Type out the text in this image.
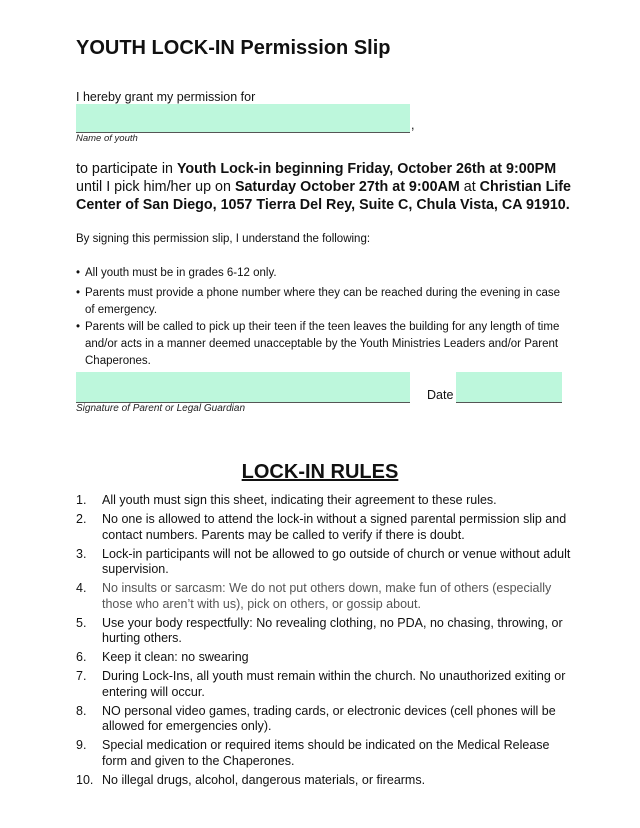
YOUTH LOCK-IN Permission Slip
I hereby grant my permission for
,
Name of youth
to participate in Youth Lock-in beginning Friday, October 26th at 9:00PM until I pick him/her up on Saturday October 27th at 9:00AM at Christian Life Center of San Diego, 1057 Tierra Del Rey, Suite C, Chula Vista, CA 91910.
By signing this permission slip, I understand the following:
• All youth must be in grades 6-12 only.
• Parents must provide a phone number where they can be reached during the evening in case of emergency.
• Parents will be called to pick up their teen if the teen leaves the building for any length of time and/or acts in a manner deemed unacceptable by the Youth Ministries Leaders and/or Parent Chaperones.
Signature of Parent or Legal Guardian
Date
LOCK-IN RULES
1. All youth must sign this sheet, indicating their agreement to these rules.
2. No one is allowed to attend the lock-in without a signed parental permission slip and contact numbers. Parents may be called to verify if there is doubt.
3. Lock-in participants will not be allowed to go outside of church or venue without adult supervision.
4. No insults or sarcasm: We do not put others down, make fun of others (especially those who aren’t with us), pick on others, or gossip about.
5. Use your body respectfully: No revealing clothing, no PDA, no chasing, throwing, or hurting others.
6. Keep it clean: no swearing
7. During Lock-Ins, all youth must remain within the church. No unauthorized exiting or entering will occur.
8. NO personal video games, trading cards, or electronic devices (cell phones will be allowed for emergencies only).
9. Special medication or required items should be indicated on the Medical Release form and given to the Chaperones.
10. No illegal drugs, alcohol, dangerous materials, or firearms.
